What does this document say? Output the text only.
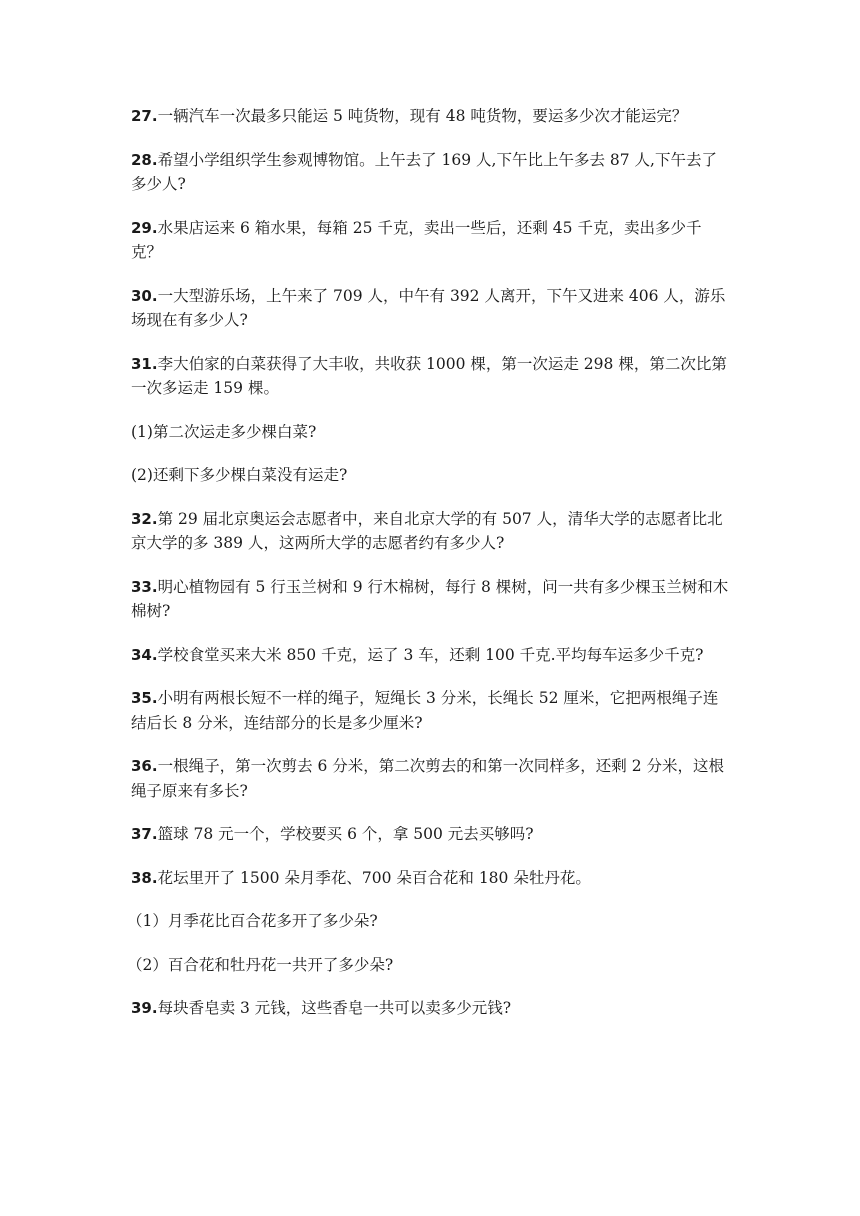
27.一辆汽车一次最多只能运 5 吨货物，现有 48 吨货物，要运多少次才能运完？

28.希望小学组织学生参观博物馆。上午去了 169 人,下午比上午多去 87 人,下午去了多少人?

29.水果店运来 6 箱水果，每箱 25 千克，卖出一些后，还剩 45 千克，卖出多少千克？

30.一大型游乐场，上午来了 709 人，中午有 392 人离开，下午又进来 406 人，游乐场现在有多少人?

31.李大伯家的白菜获得了大丰收，共收获 1000 棵，第一次运走 298 棵，第二次比第一次多运走 159 棵。

(1)第二次运走多少棵白菜?

(2)还剩下多少棵白菜没有运走?

32.第 29 届北京奥运会志愿者中，来自北京大学的有 507 人，清华大学的志愿者比北京大学的多 389 人，这两所大学的志愿者约有多少人?

33.明心植物园有 5 行玉兰树和 9 行木棉树，每行 8 棵树，问一共有多少棵玉兰树和木棉树?

34.学校食堂买来大米 850 千克，运了 3 车，还剩 100 千克.平均每车运多少千克?

35.小明有两根长短不一样的绳子，短绳长 3 分米，长绳长 52 厘米，它把两根绳子连结后长 8 分米，连结部分的长是多少厘米?

36.一根绳子，第一次剪去 6 分米，第二次剪去的和第一次同样多，还剩 2 分米，这根绳子原来有多长?

37.篮球 78 元一个，学校要买 6 个，拿 500 元去买够吗?

38.花坛里开了 1500 朵月季花、700 朵百合花和 180 朵牡丹花。

（1）月季花比百合花多开了多少朵?

（2）百合花和牡丹花一共开了多少朵?

39.每块香皂卖 3 元钱，这些香皂一共可以卖多少元钱?
